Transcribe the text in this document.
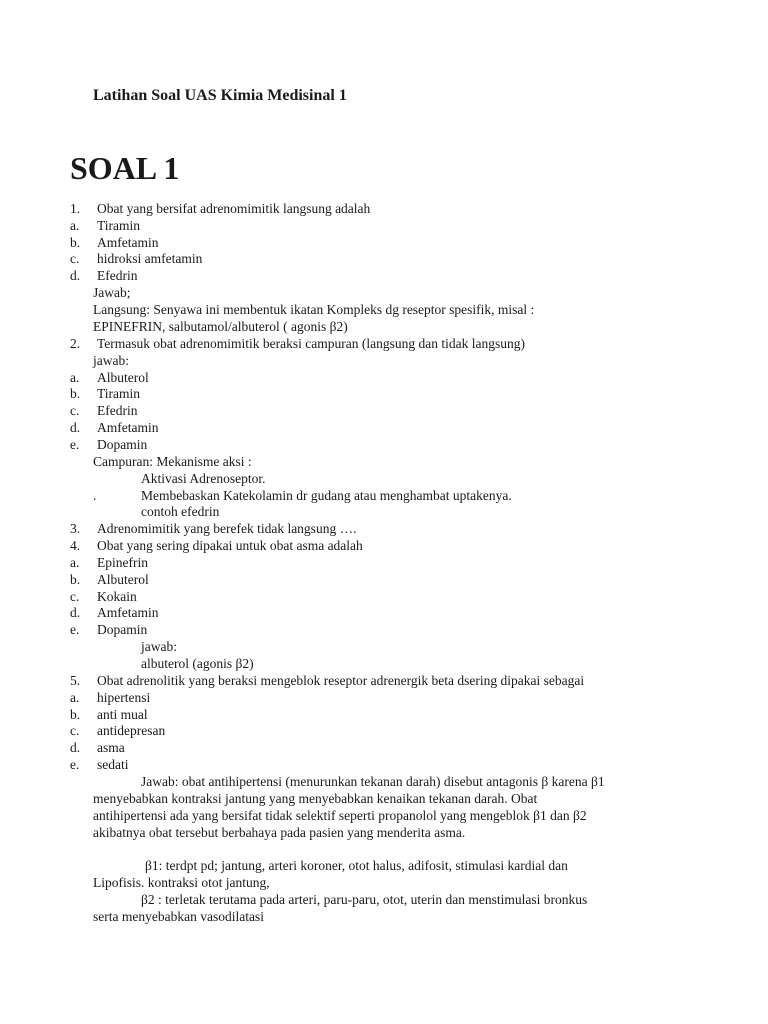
Latihan Soal UAS Kimia Medisinal 1
SOAL 1
1. Obat yang bersifat adrenomimitik langsung adalah
a. Tiramin
b. Amfetamin
c. hidroksi amfetamin
d. Efedrin
Jawab;
Langsung: Senyawa ini membentuk ikatan Kompleks dg reseptor spesifik, misal :
EPINEFRIN, salbutamol/albuterol ( agonis β2)
2. Termasuk obat adrenomimitik beraksi campuran (langsung dan tidak langsung)
jawab:
a. Albuterol
b. Tiramin
c. Efedrin
d. Amfetamin
e. Dopamin
Campuran: Mekanisme aksi :
Aktivasi Adrenoseptor.
.	Membebaskan Katekolamin dr gudang atau menghambat uptakenya.
contoh efedrin
3. Adrenomimitik yang berefek tidak langsung ….
4. Obat yang sering dipakai untuk obat asma adalah
a. Epinefrin
b. Albuterol
c. Kokain
d. Amfetamin
e. Dopamin
jawab:
albuterol (agonis β2)
5. Obat adrenolitik yang beraksi mengeblok reseptor adrenergik beta dsering dipakai sebagai
a. hipertensi
b. anti mual
c. antidepresan
d. asma
e. sedati
Jawab: obat antihipertensi (menurunkan tekanan darah) disebut antagonis β karena β1
menyebabkan kontraksi jantung yang menyebabkan kenaikan tekanan darah. Obat
antihipertensi ada yang bersifat tidak selektif seperti propanolol yang mengeblok β1 dan β2
akibatnya obat tersebut berbahaya pada pasien yang menderita asma.
β1: terdpt pd; jantung, arteri koroner, otot halus, adifosit, stimulasi kardial dan
Lipofisis. kontraksi otot jantung,
β2 : terletak terutama pada arteri, paru-paru, otot, uterin dan menstimulasi bronkus
serta menyebabkan vasodilatasi
